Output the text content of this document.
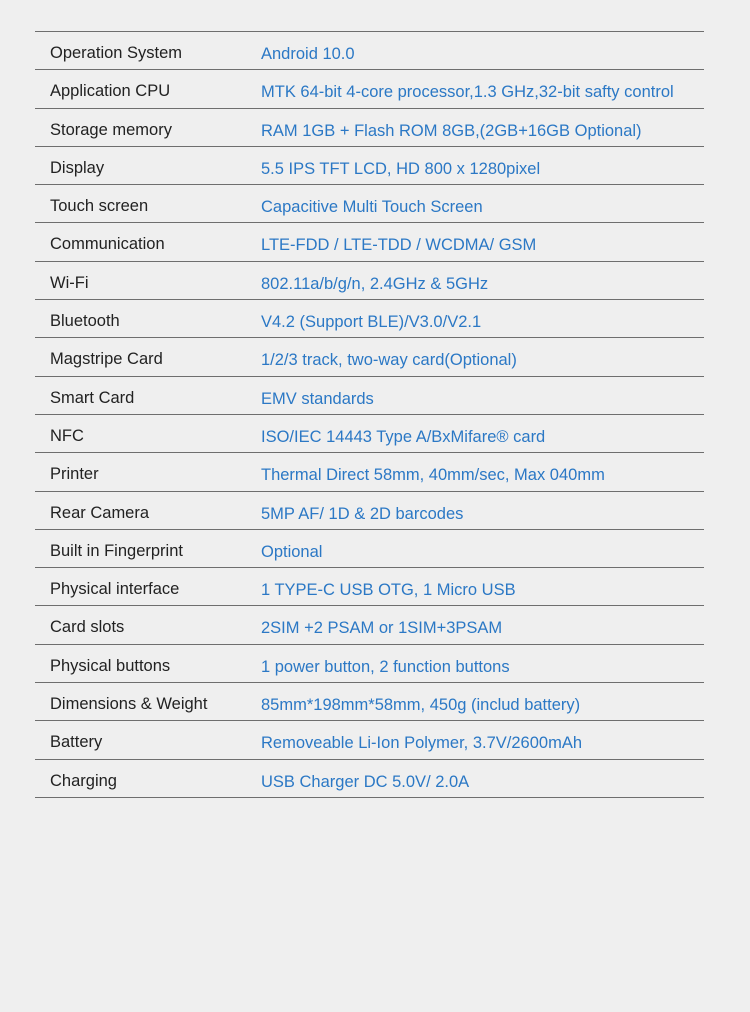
Operation System	Android 10.0
Application CPU	MTK 64-bit 4-core processor,1.3 GHz,32-bit safty control
Storage memory	RAM 1GB + Flash ROM 8GB,(2GB+16GB Optional)
Display	5.5 IPS TFT LCD, HD 800 x 1280pixel
Touch screen	Capacitive Multi Touch Screen
Communication	LTE-FDD / LTE-TDD / WCDMA/ GSM
Wi-Fi	802.11a/b/g/n, 2.4GHz & 5GHz
Bluetooth	V4.2 (Support BLE)/V3.0/V2.1
Magstripe Card	1/2/3 track, two-way card(Optional)
Smart Card	EMV standards
NFC	ISO/IEC 14443 Type A/BxMifare® card
Printer	Thermal Direct 58mm, 40mm/sec, Max 040mm
Rear Camera	5MP AF/ 1D & 2D barcodes
Built in Fingerprint	Optional
Physical interface	1 TYPE-C USB OTG, 1 Micro USB
Card slots	2SIM +2 PSAM or 1SIM+3PSAM
Physical buttons	1 power button, 2 function buttons
Dimensions & Weight	85mm*198mm*58mm, 450g (includ battery)
Battery	Removeable Li-Ion Polymer, 3.7V/2600mAh
Charging	USB Charger DC 5.0V/ 2.0A
